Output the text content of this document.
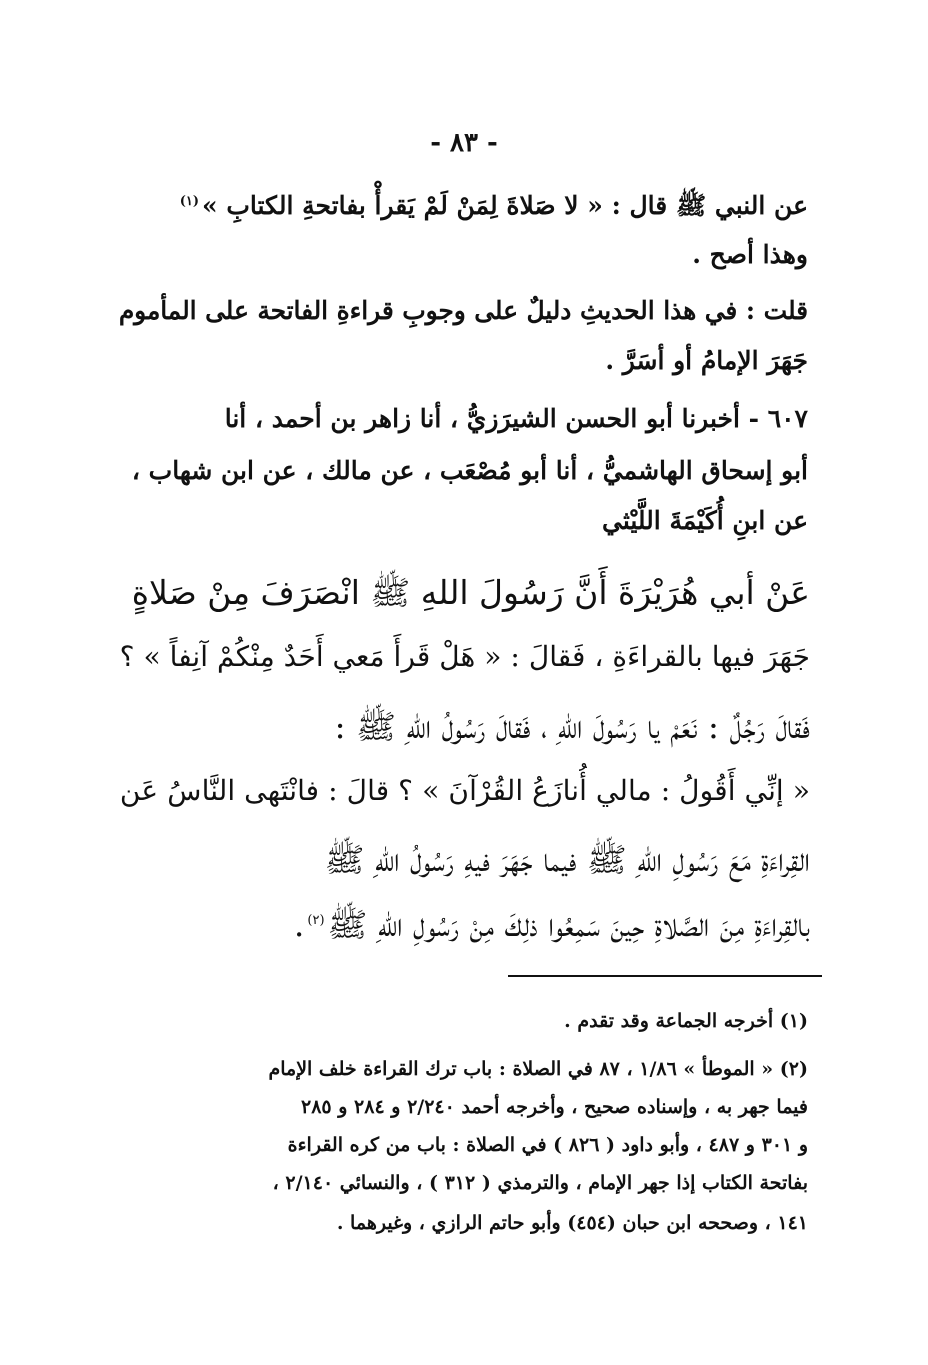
- ٨٣ -
عن النبي ﷺ قال : « لا صَلاةَ لِمَنْ لَمْ يَقرأْ بفاتحةِ الكتابِ »$^{(١)}$
وهذا أصح .
قلت : في هذا الحديثِ دليلٌ على وجوبِ قراءةِ الفاتحة على المأموم
جَهَرَ الإمامُ أو أسَرَّ .
٦٠٧ - أخبرنا أبو الحسن الشيرَزيُّ ، أنا زاهر بن أحمد ، أنا
أبو إسحاق الهاشميُّ ، أنا أبو مُصْعَب ، عن مالك ، عن ابن شهاب ،
عن ابنِ أُكَيْمَةَ اللَّيْثي
عَنْ أبي هُرَيْرَةَ أَنَّ رَسُولَ اللهِ ﷺ انْصَرَفَ مِنْ صَلاةٍ
جَهَرَ فيها بالقراءَةِ ، فَقالَ : « هَلْ قَرأَ مَعي أَحَدٌ مِنْكُمْ آنِفاً » ؟
فَقالَ رَجُلٌ : نَعَمْ يا رَسُولَ اللهِ ، فَقالَ رَسُولُ اللهِ ﷺ :
« إنِّي أَقُولُ : مالي أُنازَعُ القُرْآنَ » ؟ قالَ : فانْتَهى النَّاسُ عَن
القِراءَةِ مَعَ رَسُولِ اللهِ ﷺ فيما جَهَرَ فيهِ رَسُولُ اللهِ ﷺ
بالقِراءَةِ مِنَ الصَّلاةِ حِينَ سَمِعُوا ذلِكَ مِنْ رَسُولِ اللهِ ﷺ$^{(٢)}$.
(١) أخرجه الجماعة وقد تقدم .
(٢) « الموطأ » ١/٨٦ ، ٨٧ في الصلاة : باب ترك القراءة خلف الإمام
فيما جهر به ، وإسناده صحيح ، وأخرجه أحمد ٢/٢٤٠ و ٢٨٤ و ٢٨٥
و ٣٠١ و ٤٨٧ ، وأبو داود ( ٨٢٦ ) في الصلاة : باب من كره القراءة
بفاتحة الكتاب إذا جهر الإمام ، والترمذي ( ٣١٢ ) ، والنسائي ٢/١٤٠ ،
١٤١ ، وصححه ابن حبان (٤٥٤) وأبو حاتم الرازي ، وغيرهما .
